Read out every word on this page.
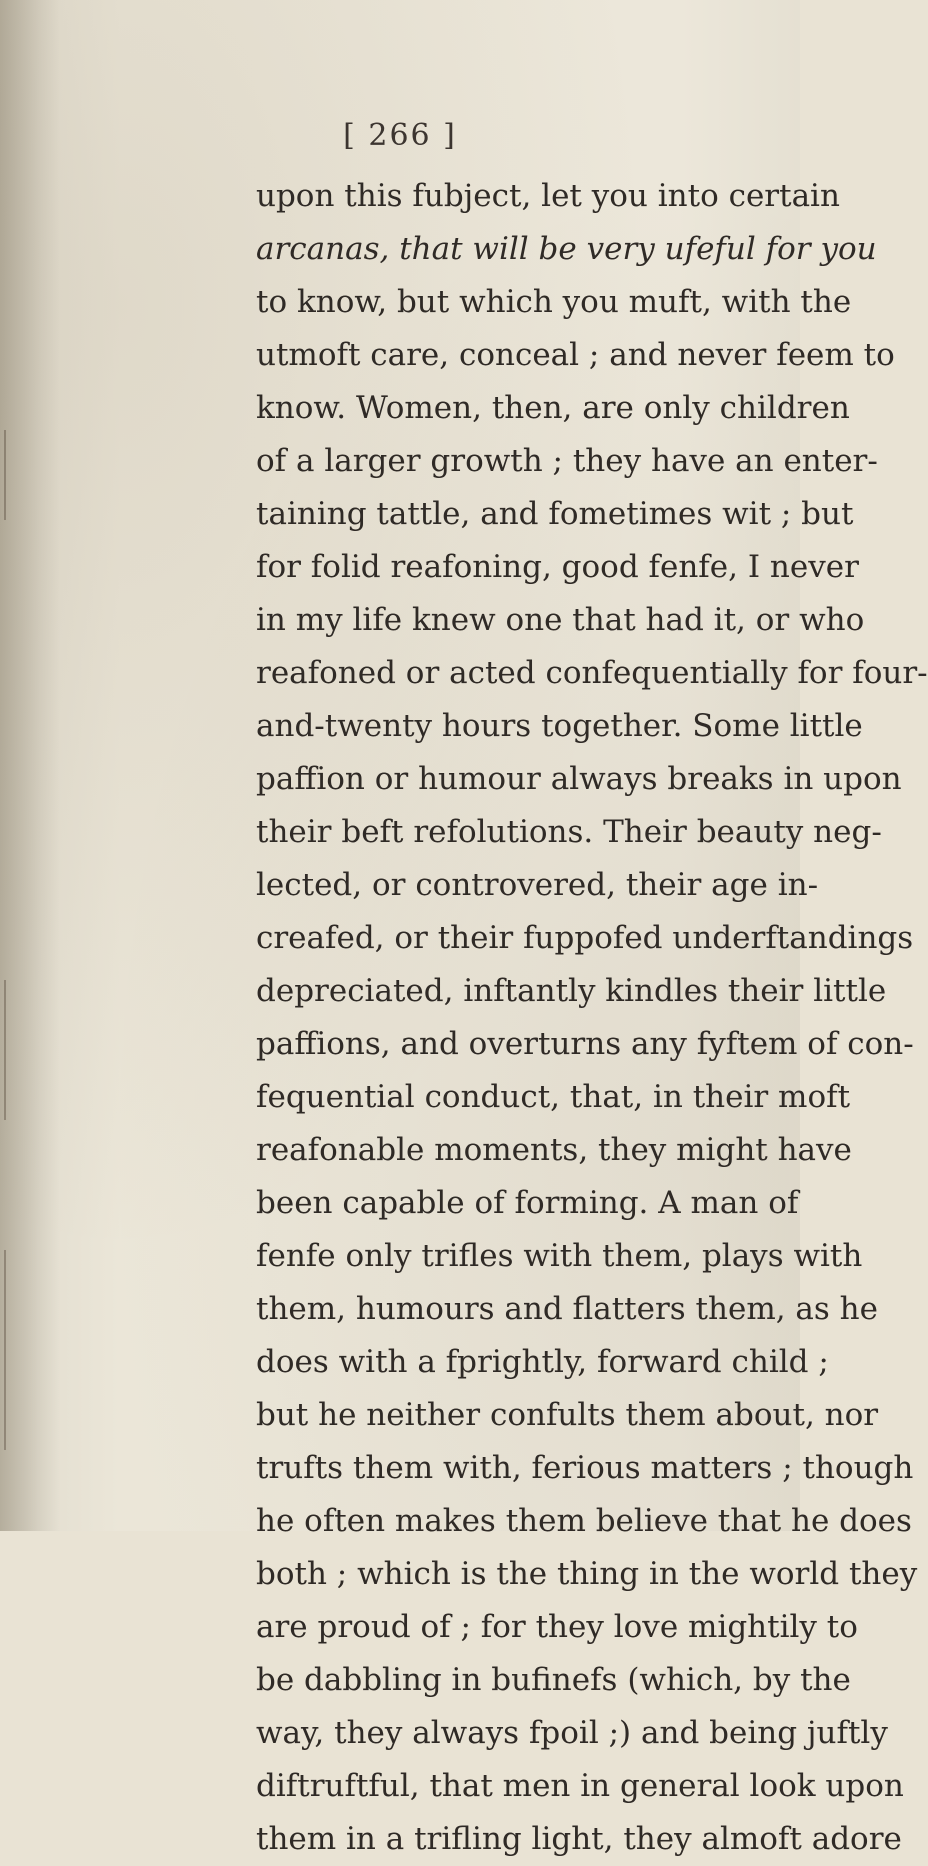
[ 266 ]
upon this fubject, let you into certain
arcanas, that will be very ufeful for you
to know, but which you muft, with the
utmoft care, conceal ; and never feem to
know. Women, then, are only children
of a larger growth ; they have an enter-
taining tattle, and fometimes wit ; but
for folid reafoning, good fenfe, I never
in my life knew one that had it, or who
reafoned or acted confequentially for four-
and-twenty hours together. Some little
paffion or humour always breaks in upon
their beft refolutions. Their beauty neg-
lected, or controvered, their age in-
creafed, or their fuppofed underftandings
depreciated, inftantly kindles their little
paffions, and overturns any fyftem of con-
fequential conduct, that, in their moft
reafonable moments, they might have
been capable of forming. A man of
fenfe only trifles with them, plays with
them, humours and flatters them, as he
does with a fprightly, forward child ;
but he neither confults them about, nor
trufts them with, ferious matters ; though
he often makes them believe that he does
both ; which is the thing in the world they
are proud of ; for they love mightily to
be dabbling in bufinefs (which, by the
way, they always fpoil ;) and being juftly
diftruftful, that men in general look upon
them in a trifling light, they almoft adore
